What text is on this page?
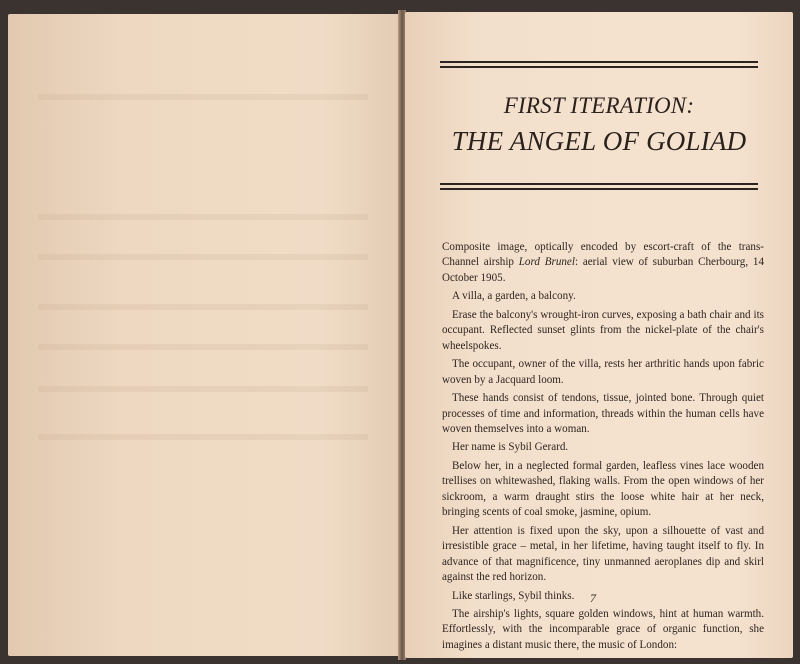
FIRST ITERATION:
THE ANGEL OF GOLIAD

Composite image, optically encoded by escort-craft of the trans-Channel airship Lord Brunel: aerial view of suburban Cherbourg, 14 October 1905.

A villa, a garden, a balcony.

Erase the balcony's wrought-iron curves, exposing a bath chair and its occupant. Reflected sunset glints from the nickel-plate of the chair's wheelspokes.

The occupant, owner of the villa, rests her arthritic hands upon fabric woven by a Jacquard loom.

These hands consist of tendons, tissue, jointed bone. Through quiet processes of time and information, threads within the human cells have woven themselves into a woman.

Her name is Sybil Gerard.

Below her, in a neglected formal garden, leafless vines lace wooden trellises on whitewashed, flaking walls. From the open windows of her sickroom, a warm draught stirs the loose white hair at her neck, bringing scents of coal smoke, jasmine, opium.

Her attention is fixed upon the sky, upon a silhouette of vast and irresistible grace – metal, in her lifetime, having taught itself to fly. In advance of that magnificence, tiny unmanned aeroplanes dip and skirl against the red horizon.

Like starlings, Sybil thinks.

The airship's lights, square golden windows, hint at human warmth. Effortlessly, with the incomparable grace of organic function, she imagines a distant music there, the music of London:

7
